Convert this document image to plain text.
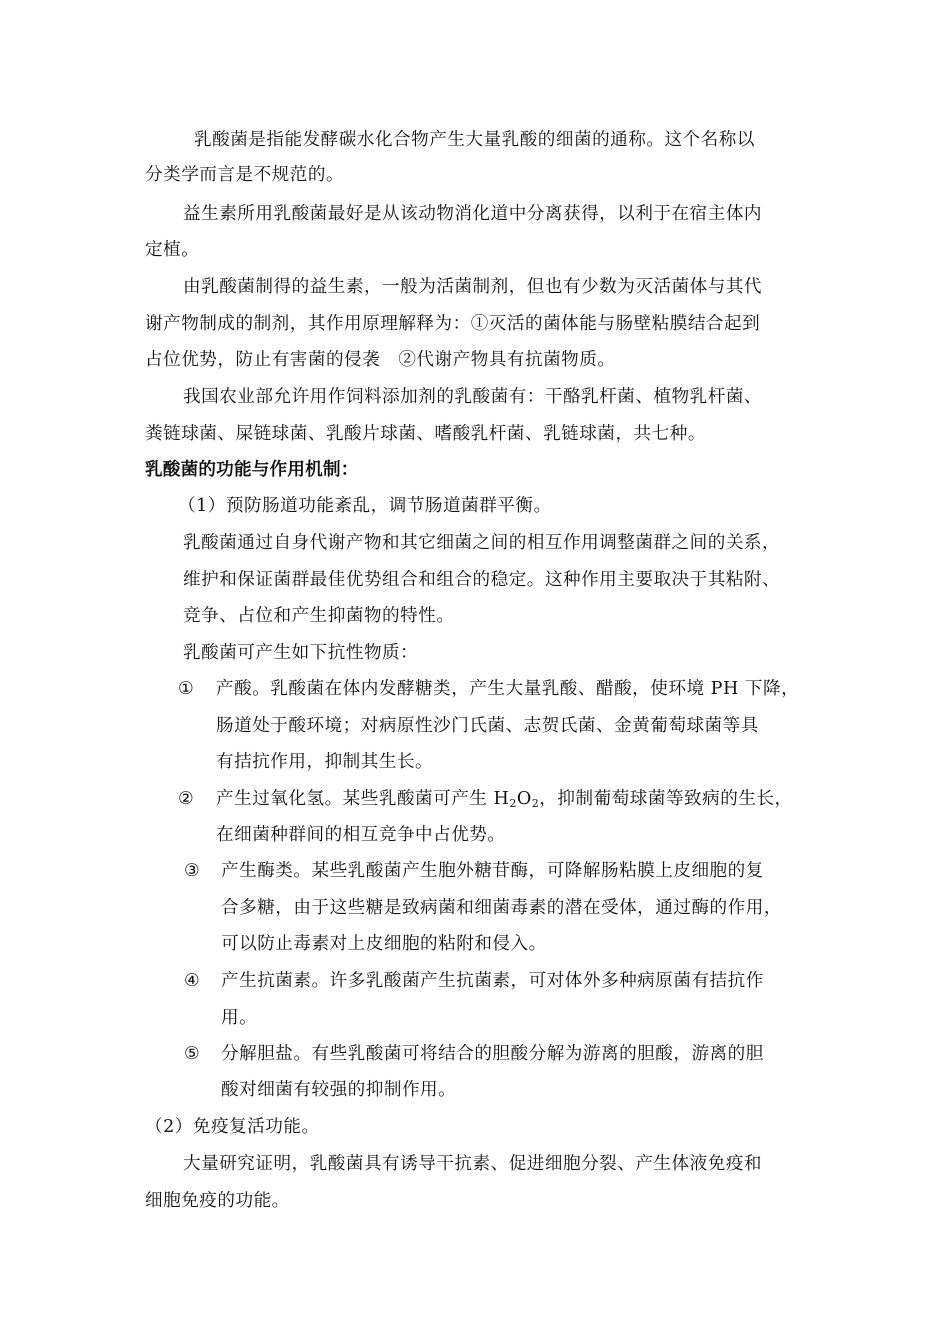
乳酸菌是指能发酵碳水化合物产生大量乳酸的细菌的通称。这个名称以
分类学而言是不规范的。
益生素所用乳酸菌最好是从该动物消化道中分离获得，以利于在宿主体内
定植。
由乳酸菌制得的益生素，一般为活菌制剂，但也有少数为灭活菌体与其代
谢产物制成的制剂，其作用原理解释为：①灭活的菌体能与肠壁粘膜结合起到
占位优势，防止有害菌的侵袭　②代谢产物具有抗菌物质。
我国农业部允许用作饲料添加剂的乳酸菌有：干酪乳杆菌、植物乳杆菌、
粪链球菌、屎链球菌、乳酸片球菌、嗜酸乳杆菌、乳链球菌，共七种。
乳酸菌的功能与作用机制：
（1）预防肠道功能紊乱，调节肠道菌群平衡。
乳酸菌通过自身代谢产物和其它细菌之间的相互作用调整菌群之间的关系，
维护和保证菌群最佳优势组合和组合的稳定。这种作用主要取决于其粘附、
竞争、占位和产生抑菌物的特性。
乳酸菌可产生如下抗性物质：
① 产酸。乳酸菌在体内发酵糖类，产生大量乳酸、醋酸，使环境 PH 下降，
肠道处于酸环境；对病原性沙门氏菌、志贺氏菌、金黄葡萄球菌等具
有拮抗作用，抑制其生长。
② 产生过氧化氢。某些乳酸菌可产生 $H_2O_2$，抑制葡萄球菌等致病的生长，
在细菌种群间的相互竞争中占优势。
③ 产生酶类。某些乳酸菌产生胞外糖苷酶，可降解肠粘膜上皮细胞的复
合多糖，由于这些糖是致病菌和细菌毒素的潜在受体，通过酶的作用，
可以防止毒素对上皮细胞的粘附和侵入。
④ 产生抗菌素。许多乳酸菌产生抗菌素，可对体外多种病原菌有拮抗作
用。
⑤ 分解胆盐。有些乳酸菌可将结合的胆酸分解为游离的胆酸，游离的胆
酸对细菌有较强的抑制作用。
（2）免疫复活功能。
大量研究证明，乳酸菌具有诱导干抗素、促进细胞分裂、产生体液免疫和
细胞免疫的功能。
